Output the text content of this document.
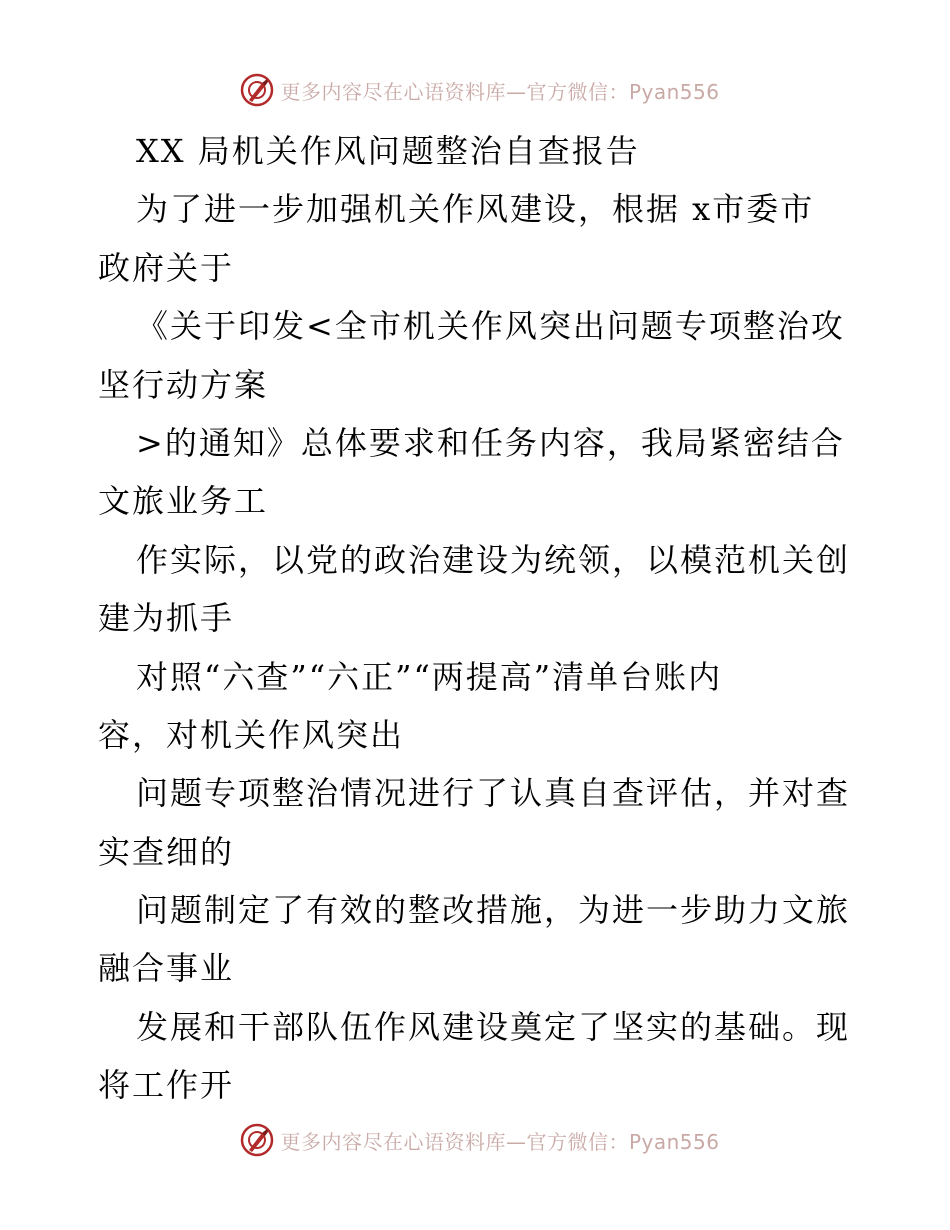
更多内容尽在心语资料库—官方微信：Pyan556
XX 局机关作风问题整治自查报告
为了进一步加强机关作风建设，根据 x市委市
政府关于
《关于印发<全市机关作风突出问题专项整治攻
坚行动方案
>的通知》总体要求和任务内容，我局紧密结合
文旅业务工
作实际，以党的政治建设为统领，以模范机关创
建为抓手
对照“六查”“六正”“两提高”清单台账内
容，对机关作风突出
问题专项整治情况进行了认真自查评估，并对查
实查细的
问题制定了有效的整改措施，为进一步助力文旅
融合事业
发展和干部队伍作风建设奠定了坚实的基础。现
将工作开
更多内容尽在心语资料库—官方微信：Pyan556
